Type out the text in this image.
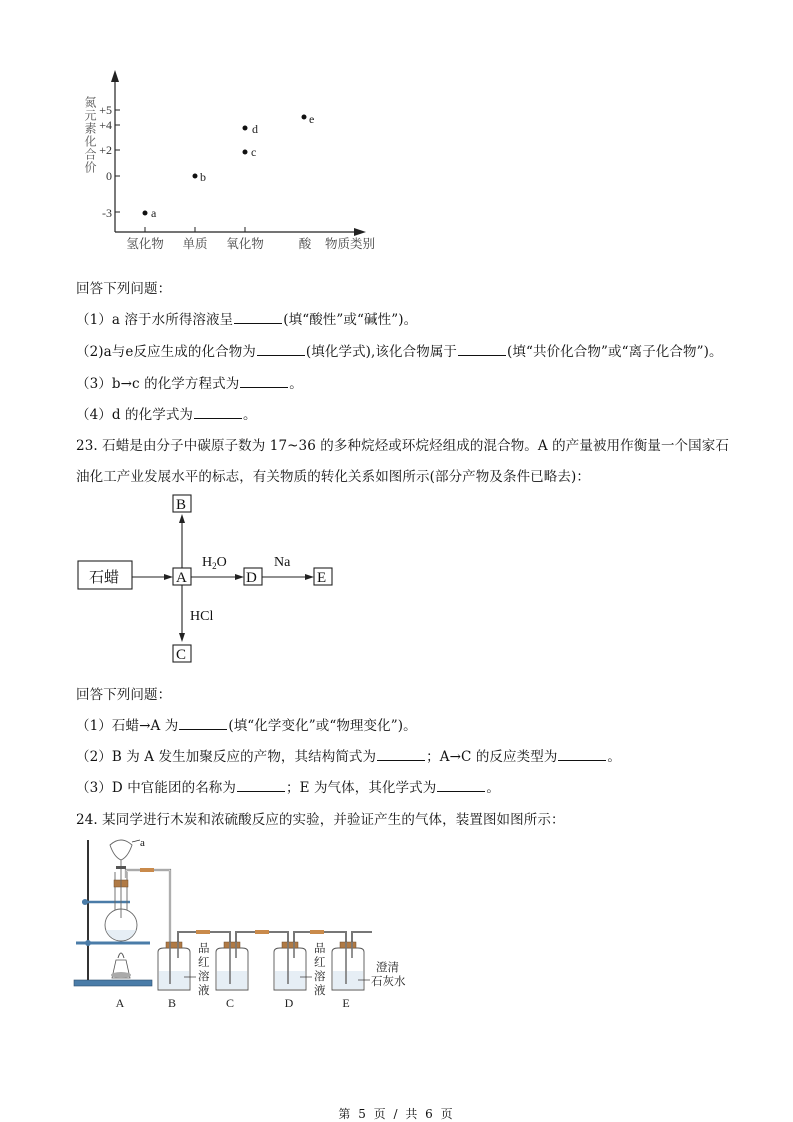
+5
+4
+2
0
-3
氮元素化合价
氢化物 单质 氧化物	酸 物质类别
a
b
c
d
e
回答下列问题：
（1）a 溶于水所得溶液呈	(填“酸性”或“碱性”)。
（2)a与e反应生成的化合物为	(填化学式),该化合物属于	(填“共价化合物”或“离子化合物”)。
（3）b→c 的化学方程式为	。
（4）d 的化学式为	。
23. 石蜡是由分子中碳原子数为 17~36 的多种烷烃或环烷烃组成的混合物。A 的产量被用作衡量一个国家石
油化工产业发展水平的标志，有关物质的转化关系如图所示(部分产物及条件已略去)：
石蜡	A
B
C
D	E
$H_2O$	Na
HCl
回答下列问题：
（1）石蜡→A 为	(填“化学变化”或“物理变化”)。
（2）B 为 A 发生加聚反应的产物，其结构简式为	；A→C 的反应类型为	。
（3）D 中官能团的名称为	；E 为气体，其化学式为	。
24. 某同学进行木炭和浓硫酸反应的实验，并验证产生的气体，装置图如图所示：
a
品
红
溶
液
品
红
溶
液
澄清
石灰水
A	B	C	D	E
第 5 页 / 共 6 页
